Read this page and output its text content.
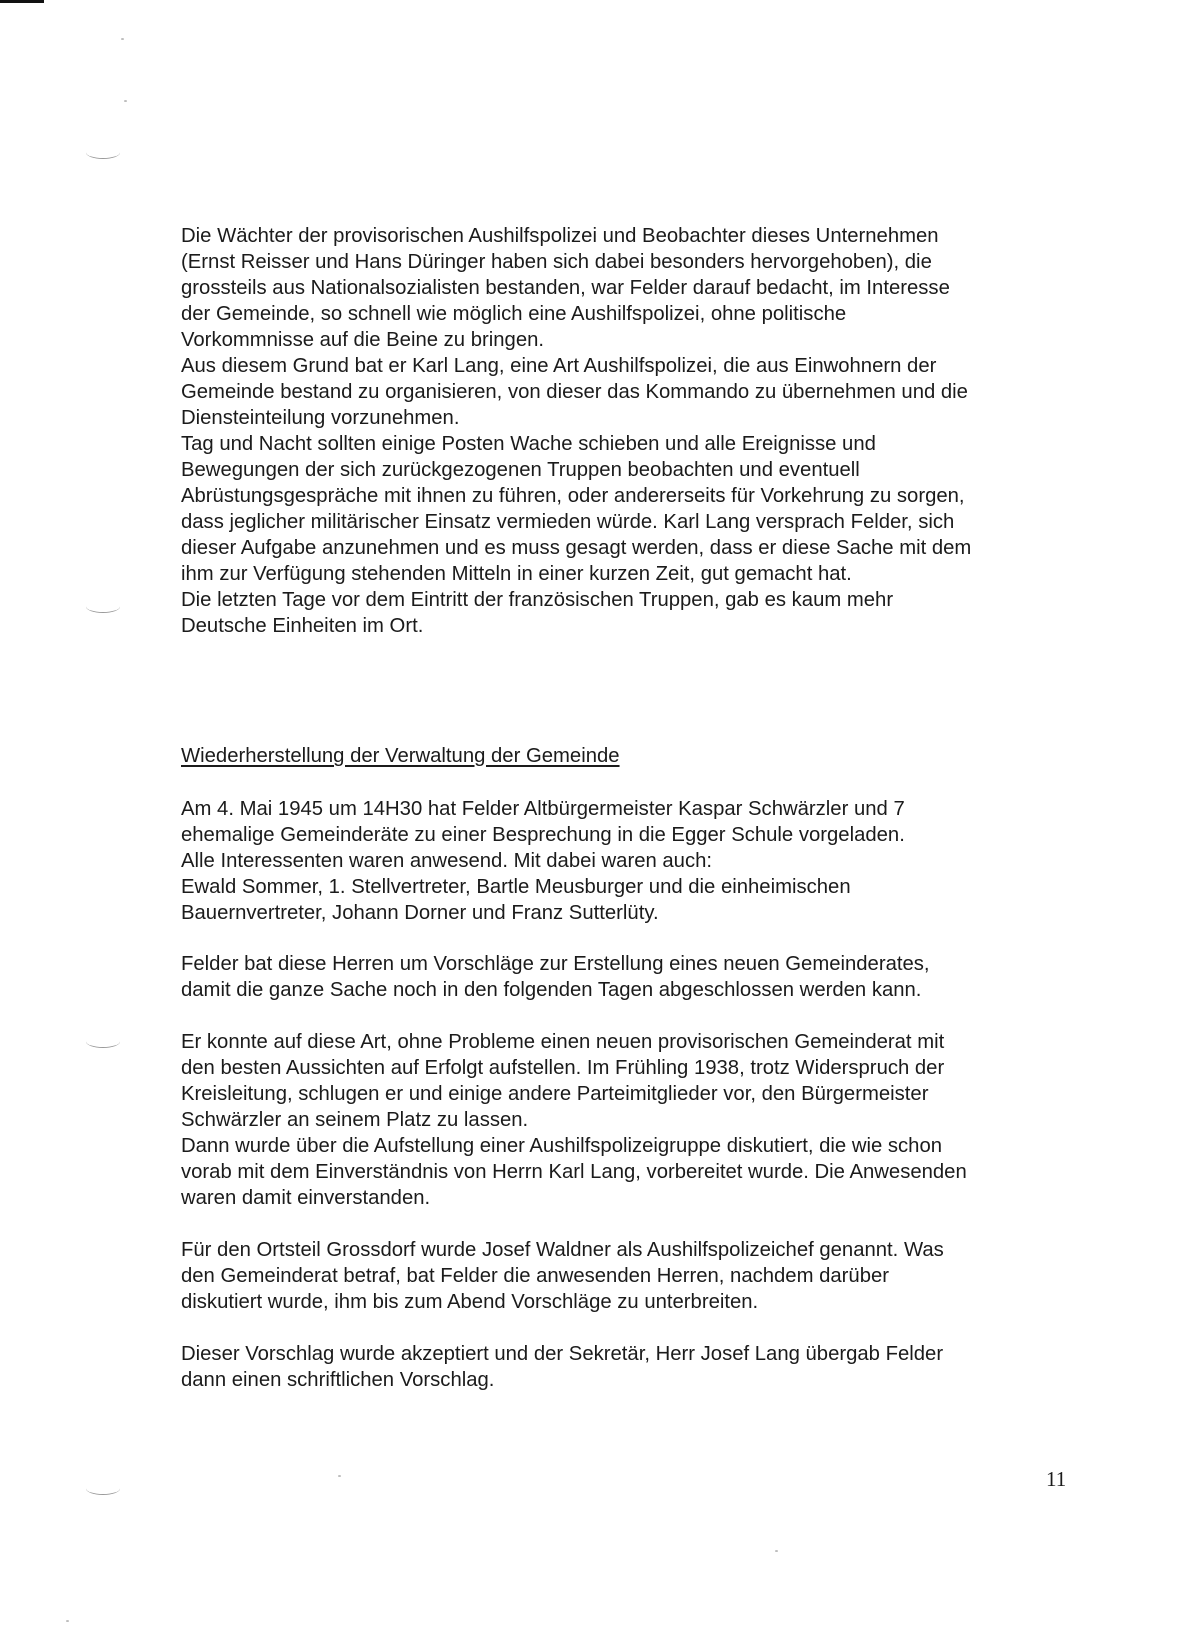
Die Wächter der provisorischen Aushilfspolizei und Beobachter dieses Unternehmen
(Ernst Reisser und Hans Düringer haben sich dabei besonders hervorgehoben), die
grossteils aus Nationalsozialisten bestanden, war Felder darauf bedacht, im Interesse
der Gemeinde, so schnell wie möglich eine Aushilfspolizei, ohne politische
Vorkommnisse auf die Beine zu bringen.
Aus diesem Grund bat er Karl Lang, eine Art Aushilfspolizei, die aus Einwohnern der
Gemeinde bestand zu organisieren, von dieser das Kommando zu übernehmen und die
Diensteinteilung vorzunehmen.
Tag und Nacht sollten einige Posten Wache schieben und alle Ereignisse und
Bewegungen der sich zurückgezogenen Truppen beobachten und eventuell
Abrüstungsgespräche mit ihnen zu führen, oder andererseits für Vorkehrung zu sorgen,
dass jeglicher militärischer Einsatz vermieden würde. Karl Lang versprach Felder, sich
dieser Aufgabe anzunehmen und es muss gesagt werden, dass er diese Sache mit dem
ihm zur Verfügung stehenden Mitteln in einer kurzen Zeit, gut gemacht hat.
Die letzten Tage vor dem Eintritt der französischen Truppen, gab es kaum mehr
Deutsche Einheiten im Ort.
Wiederherstellung der Verwaltung der Gemeinde
Am 4. Mai 1945 um 14H30 hat Felder Altbürgermeister Kaspar Schwärzler und 7
ehemalige Gemeinderäte zu einer Besprechung in die Egger Schule vorgeladen.
Alle Interessenten waren anwesend. Mit dabei waren auch:
Ewald Sommer, 1. Stellvertreter, Bartle Meusburger und die einheimischen
Bauernvertreter, Johann Dorner und Franz Sutterlüty.
Felder bat diese Herren um Vorschläge zur Erstellung eines neuen Gemeinderates,
damit die ganze Sache noch in den folgenden Tagen abgeschlossen werden kann.
Er konnte auf diese Art, ohne Probleme einen neuen provisorischen Gemeinderat mit
den besten Aussichten auf Erfolgt aufstellen. Im Frühling 1938, trotz Widerspruch der
Kreisleitung, schlugen er und einige andere Parteimitglieder vor, den Bürgermeister
Schwärzler an seinem Platz zu lassen.
Dann wurde über die Aufstellung einer Aushilfspolizeigruppe diskutiert, die wie schon
vorab mit dem Einverständnis von Herrn Karl Lang, vorbereitet wurde. Die Anwesenden
waren damit einverstanden.
Für den Ortsteil Grossdorf wurde Josef Waldner als Aushilfspolizeichef genannt. Was
den Gemeinderat betraf, bat Felder die anwesenden Herren, nachdem darüber
diskutiert wurde, ihm bis zum Abend Vorschläge zu unterbreiten.
Dieser Vorschlag wurde akzeptiert und der Sekretär, Herr Josef Lang übergab Felder
dann einen schriftlichen Vorschlag.
11
